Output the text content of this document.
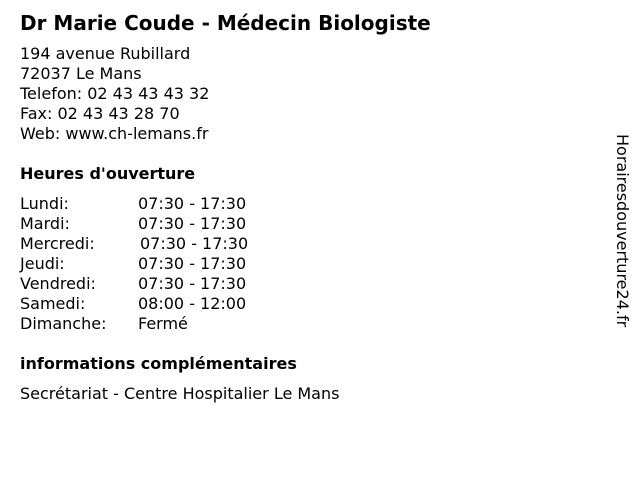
Dr Marie Coude - Médecin Biologiste
194 avenue Rubillard
72037 Le Mans
Telefon: 02 43 43 43 32
Fax: 02 43 43 28 70
Web: www.ch-lemans.fr
Heures d'ouverture
Lundi:	07:30 - 17:30
Mardi:	07:30 - 17:30
Mercredi:	07:30 - 17:30
Jeudi:	07:30 - 17:30
Vendredi:	07:30 - 17:30
Samedi:	08:00 - 12:00
Dimanche: Fermé
informations complémentaires
Secrétariat - Centre Hospitalier Le Mans
Horairesdouverture24.fr
